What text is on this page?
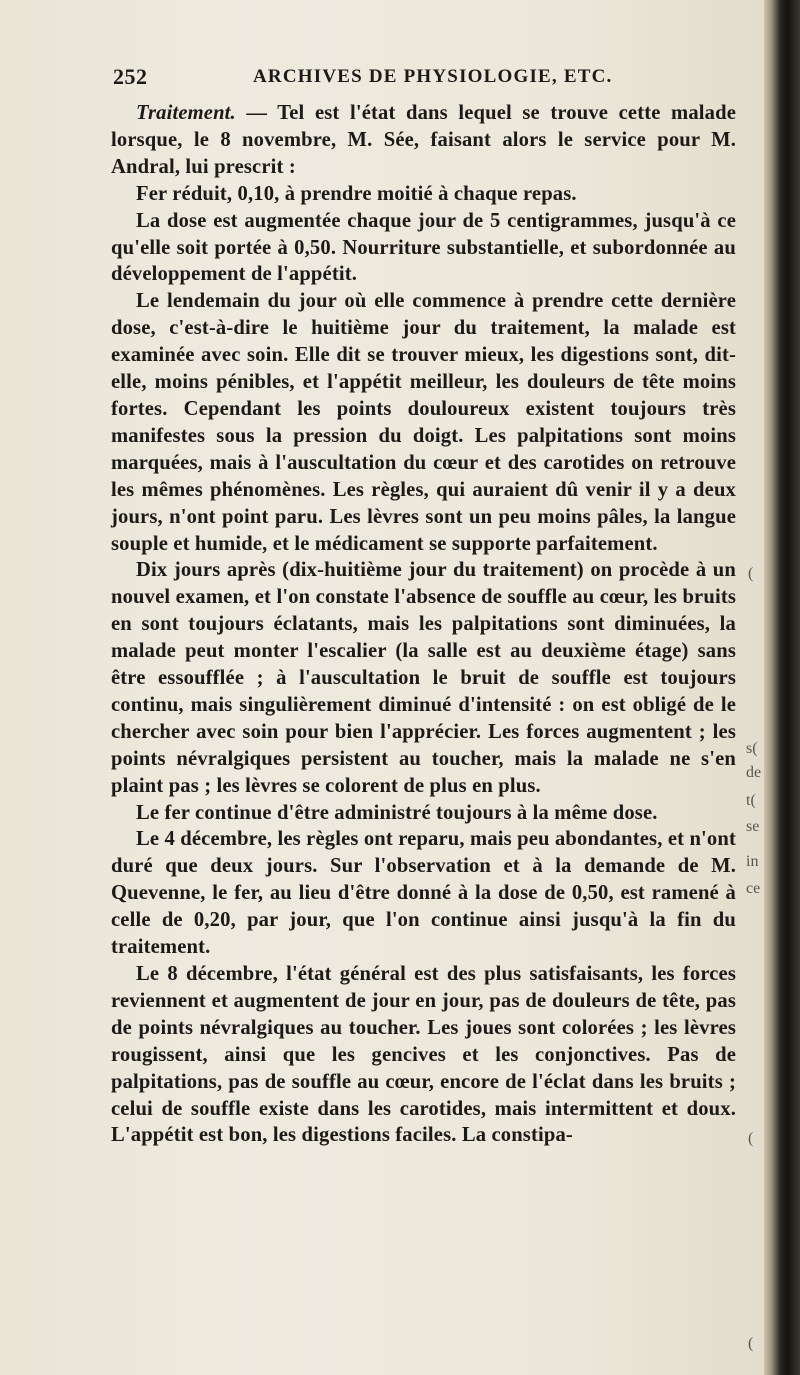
252	ARCHIVES DE PHYSIOLOGIE, ETC.

Traitement. — Tel est l'état dans lequel se trouve cette malade lorsque, le 8 novembre, M. Sée, faisant alors le service pour M. Andral, lui prescrit :

Fer réduit, 0,10, à prendre moitié à chaque repas.

La dose est augmentée chaque jour de 5 centigrammes, jusqu'à ce qu'elle soit portée à 0,50. Nourriture substantielle, et subordonnée au développement de l'appétit.

Le lendemain du jour où elle commence à prendre cette dernière dose, c'est-à-dire le huitième jour du traitement, la malade est examinée avec soin. Elle dit se trouver mieux, les digestions sont, dit-elle, moins pénibles, et l'appétit meilleur, les douleurs de tête moins fortes. Cependant les points douloureux existent toujours très manifestes sous la pression du doigt. Les palpitations sont moins marquées, mais à l'auscultation du cœur et des carotides on retrouve les mêmes phénomènes. Les règles, qui auraient dû venir il y a deux jours, n'ont point paru. Les lèvres sont un peu moins pâles, la langue souple et humide, et le médicament se supporte parfaitement.

Dix jours après (dix-huitième jour du traitement) on procède à un nouvel examen, et l'on constate l'absence de souffle au cœur, les bruits en sont toujours éclatants, mais les palpitations sont diminuées, la malade peut monter l'escalier (la salle est au deuxième étage) sans être essoufflée ; à l'auscultation le bruit de souffle est toujours continu, mais singulièrement diminué d'intensité : on est obligé de le chercher avec soin pour bien l'apprécier. Les forces augmentent ; les points névralgiques persistent au toucher, mais la malade ne s'en plaint pas ; les lèvres se colorent de plus en plus.

Le fer continue d'être administré toujours à la même dose.

Le 4 décembre, les règles ont reparu, mais peu abondantes, et n'ont duré que deux jours. Sur l'observation et à la demande de M. Quevenne, le fer, au lieu d'être donné à la dose de 0,50, est ramené à celle de 0,20, par jour, que l'on continue ainsi jusqu'à la fin du traitement.

Le 8 décembre, l'état général est des plus satisfaisants, les forces reviennent et augmentent de jour en jour, pas de douleurs de tête, pas de points névralgiques au toucher. Les joues sont colorées ; les lèvres rougissent, ainsi que les gencives et les conjonctives. Pas de palpitations, pas de souffle au cœur, encore de l'éclat dans les bruits ; celui de souffle existe dans les carotides, mais intermittent et doux. L'appétit est bon, les digestions faciles. La constipa-

(
s(
de
t(
se
in
ce
(
(
